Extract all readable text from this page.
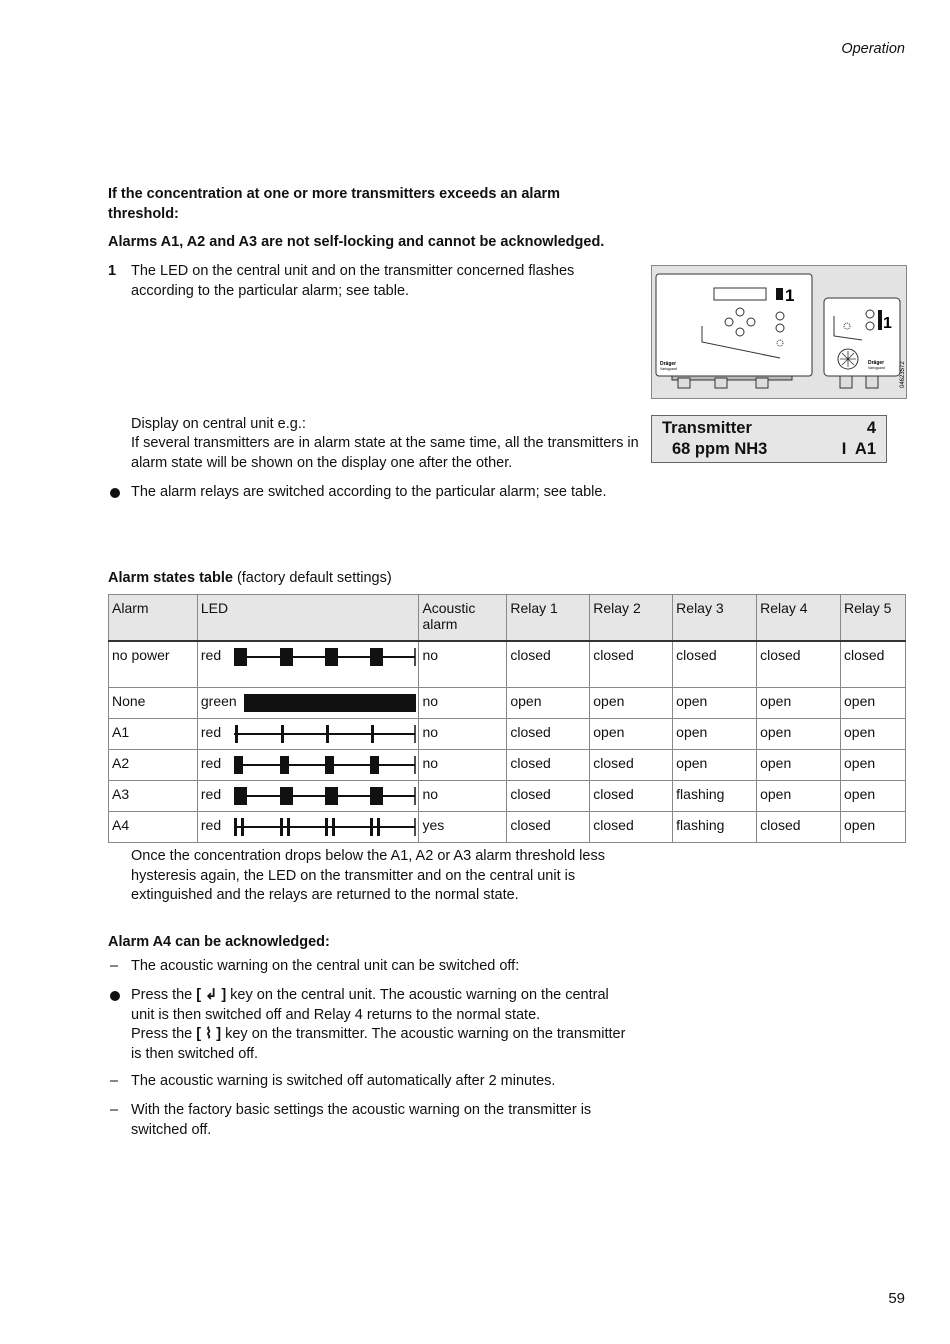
Operation
If the concentration at one or more transmitters exceeds an alarm threshold:
Alarms A1, A2 and A3 are not self-locking and cannot be acknowledged.
1	The LED on the central unit and on the transmitter concerned flashes according to the particular alarm; see table.	1
Dräger
Varioguard
1
Dräger
Varioguard	04623572
Display on central unit e.g.:
If several transmitters are in alarm state at the same time, all the transmitters in alarm state will be shown on the display one after the other.
Transmitter	4
68 ppm NH3	I  A1
The alarm relays are switched according to the particular alarm; see table.
Alarm states table (factory default settings)
Alarm	LED	Acoustic alarm	Relay 1	Relay 2	Relay 3	Relay 4	Relay 5
no power	red	no	closed	closed	closed	closed	closed
None	green	no	open	open	open	open	open
A1	red	no	closed	open	open	open	open
A2	red	no	closed	closed	open	open	open
A3	red	no	closed	closed	flashing	open	open
A4	red	yes	closed	closed	flashing	closed	open
Once the concentration drops below the A1, A2 or A3 alarm threshold less hysteresis again, the LED on the transmitter and on the central unit is extinguished and the relays are returned to the normal state.
Alarm A4 can be acknowledged:
– The acoustic warning on the central unit can be switched off:
Press the [ ↲ ] key on the central unit. The acoustic warning on the central unit is then switched off and Relay 4 returns to the normal state.
Press the [ ⌇ ] key on the transmitter. The acoustic warning on the transmitter is then switched off.
– The acoustic warning is switched off automatically after 2 minutes.
– With the factory basic settings the acoustic warning on the transmitter is switched off.
59
